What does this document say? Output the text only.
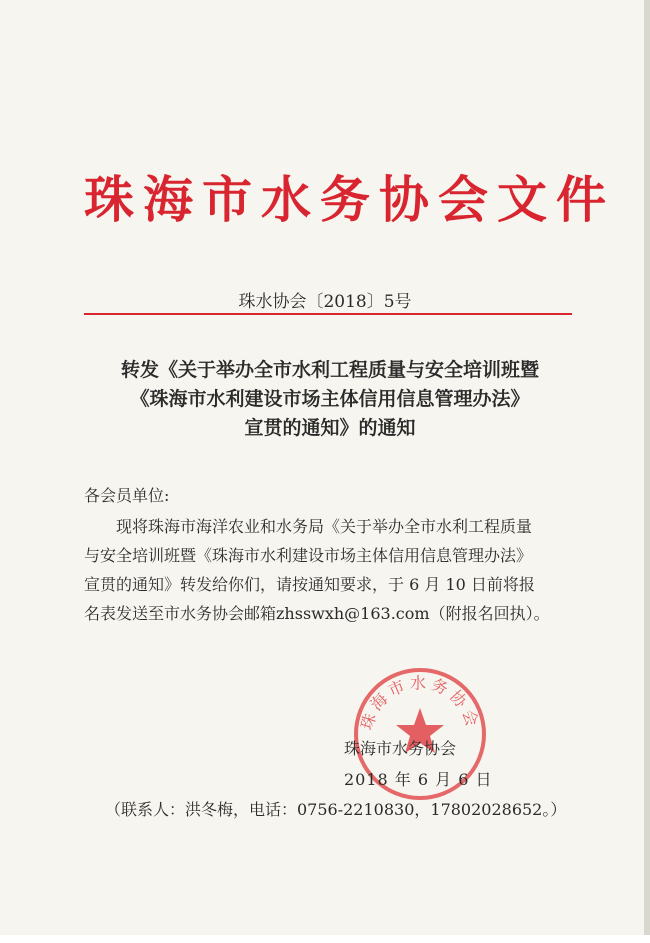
珠海市水务协会文件
珠水协会〔2018〕5号
转发《关于举办全市水利工程质量与安全培训班暨
《珠海市水利建设市场主体信用信息管理办法》
宣贯的通知》的通知
各会员单位:
现将珠海市海洋农业和水务局《关于举办全市水利工程质量
与安全培训班暨《珠海市水利建设市场主体信用信息管理办法》
宣贯的通知》转发给你们，请按通知要求，于 6 月 10 日前将报
名表发送至市水务协会邮箱zhsswxh@163.com（附报名回执）。
珠海市水务协会
珠海市水务协会
2018 年 6 月 6 日
（联系人：洪冬梅，电话：0756-2210830，17802028652。）
